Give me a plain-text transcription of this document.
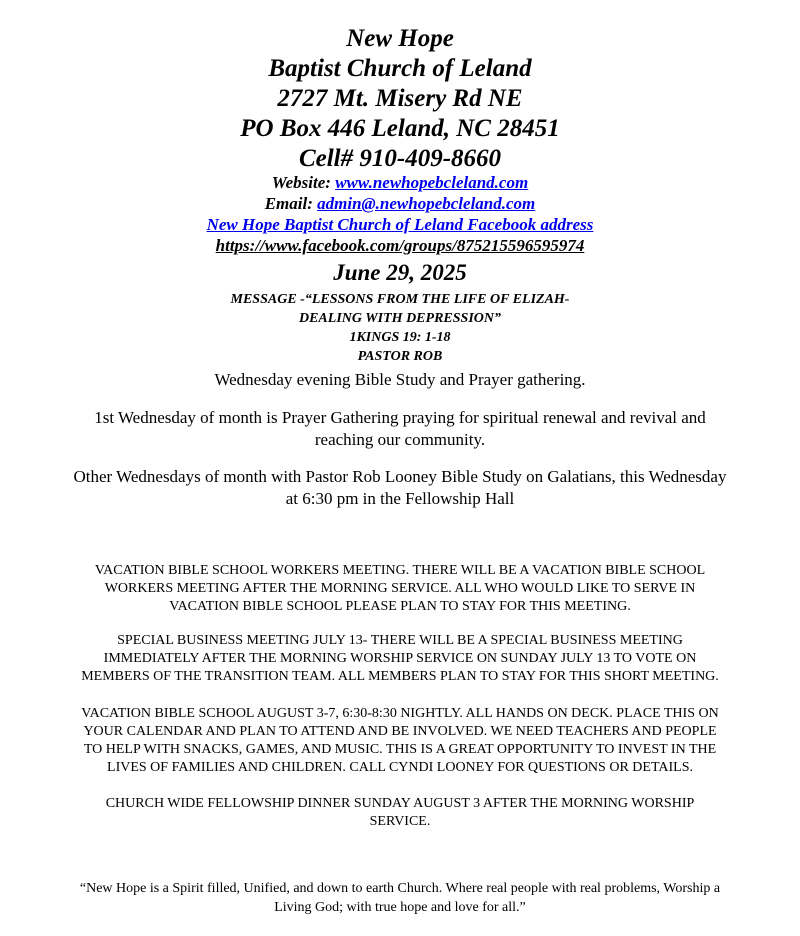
New Hope
Baptist Church of Leland
2727 Mt. Misery Rd NE
PO Box 446 Leland, NC 28451
Cell# 910-409-8660
Website: www.newhopebcleland.com
Email: admin@.newhopebcleland.com
New Hope Baptist Church of Leland Facebook address
https://www.facebook.com/groups/875215596595974
June 29, 2025
MESSAGE -“LESSONS FROM THE LIFE OF ELIZAH-
DEALING WITH DEPRESSION”
1KINGS 19: 1-18
PASTOR ROB
Wednesday evening Bible Study and Prayer gathering.
1st Wednesday of month is Prayer Gathering praying for spiritual renewal and revival and
reaching our community.
Other Wednesdays of month with Pastor Rob Looney Bible Study on Galatians, this Wednesday
at 6:30 pm in the Fellowship Hall
VACATION BIBLE SCHOOL WORKERS MEETING. THERE WILL BE A VACATION BIBLE SCHOOL
WORKERS MEETING AFTER THE MORNING SERVICE. ALL WHO WOULD LIKE TO SERVE IN
VACATION BIBLE SCHOOL PLEASE PLAN TO STAY FOR THIS MEETING.
SPECIAL BUSINESS MEETING JULY 13- THERE WILL BE A SPECIAL BUSINESS MEETING
IMMEDIATELY AFTER THE MORNING WORSHIP SERVICE ON SUNDAY JULY 13 TO VOTE ON
MEMBERS OF THE TRANSITION TEAM. ALL MEMBERS PLAN TO STAY FOR THIS SHORT MEETING.
VACATION BIBLE SCHOOL AUGUST 3-7, 6:30-8:30 NIGHTLY. ALL HANDS ON DECK. PLACE THIS ON
YOUR CALENDAR AND PLAN TO ATTEND AND BE INVOLVED. WE NEED TEACHERS AND PEOPLE
TO HELP WITH SNACKS, GAMES, AND MUSIC. THIS IS A GREAT OPPORTUNITY TO INVEST IN THE
LIVES OF FAMILIES AND CHILDREN. CALL CYNDI LOONEY FOR QUESTIONS OR DETAILS.
CHURCH WIDE FELLOWSHIP DINNER SUNDAY AUGUST 3 AFTER THE MORNING WORSHIP
SERVICE.
“New Hope is a Spirit filled, Unified, and down to earth Church. Where real people with real problems, Worship a
Living God; with true hope and love for all.”
